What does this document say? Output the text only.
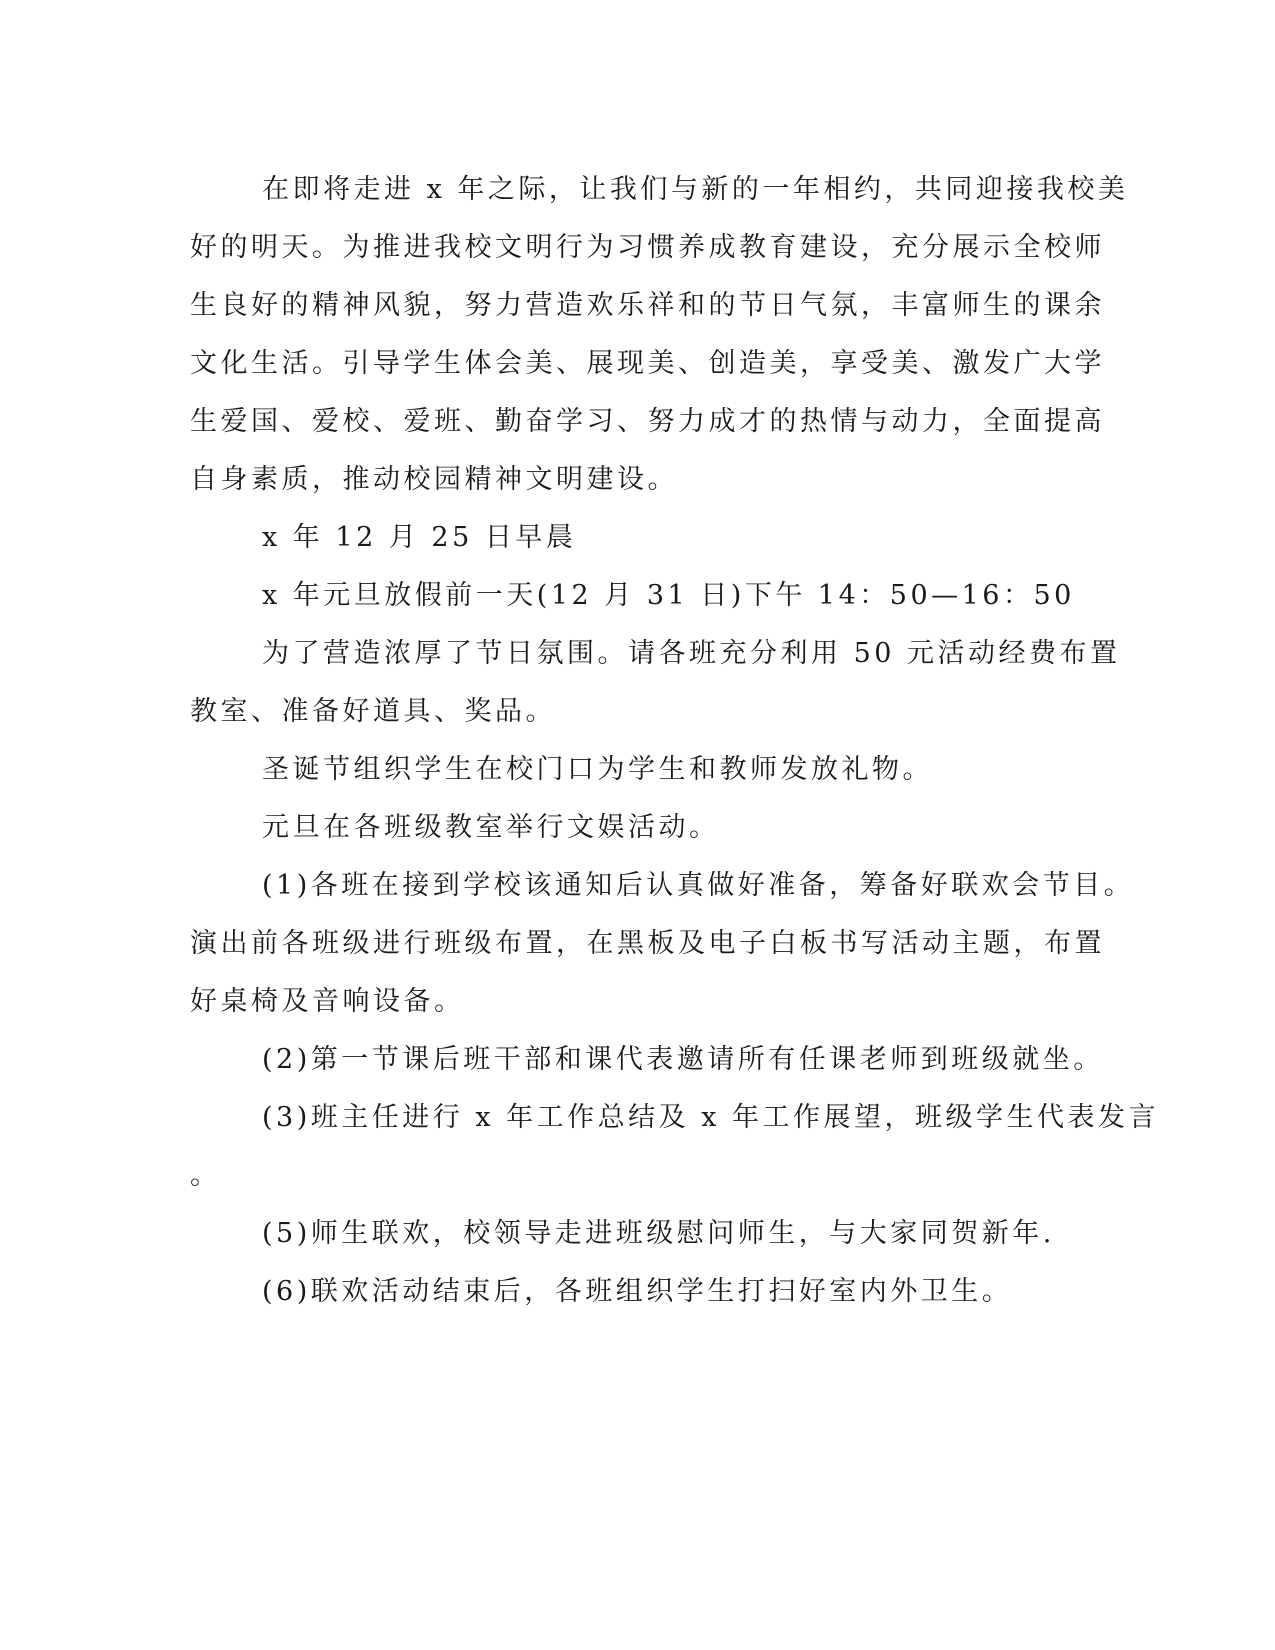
在即将走进 x 年之际，让我们与新的一年相约，共同迎接我校美
好的明天。为推进我校文明行为习惯养成教育建设，充分展示全校师
生良好的精神风貌，努力营造欢乐祥和的节日气氛，丰富师生的课余
文化生活。引导学生体会美、展现美、创造美，享受美、激发广大学
生爱国、爱校、爱班、勤奋学习、努力成才的热情与动力，全面提高
自身素质，推动校园精神文明建设。
x 年 12 月 25 日早晨
x 年元旦放假前一天(12 月 31 日)下午 14：50—16：50
为了营造浓厚了节日氛围。请各班充分利用 50 元活动经费布置
教室、准备好道具、奖品。
圣诞节组织学生在校门口为学生和教师发放礼物。
元旦在各班级教室举行文娱活动。
(1)各班在接到学校该通知后认真做好准备，筹备好联欢会节目。
演出前各班级进行班级布置，在黑板及电子白板书写活动主题，布置
好桌椅及音响设备。
(2)第一节课后班干部和课代表邀请所有任课老师到班级就坐。
(3)班主任进行 x 年工作总结及 x 年工作展望，班级学生代表发言
。
(5)师生联欢，校领导走进班级慰问师生，与大家同贺新年.
(6)联欢活动结束后，各班组织学生打扫好室内外卫生。
